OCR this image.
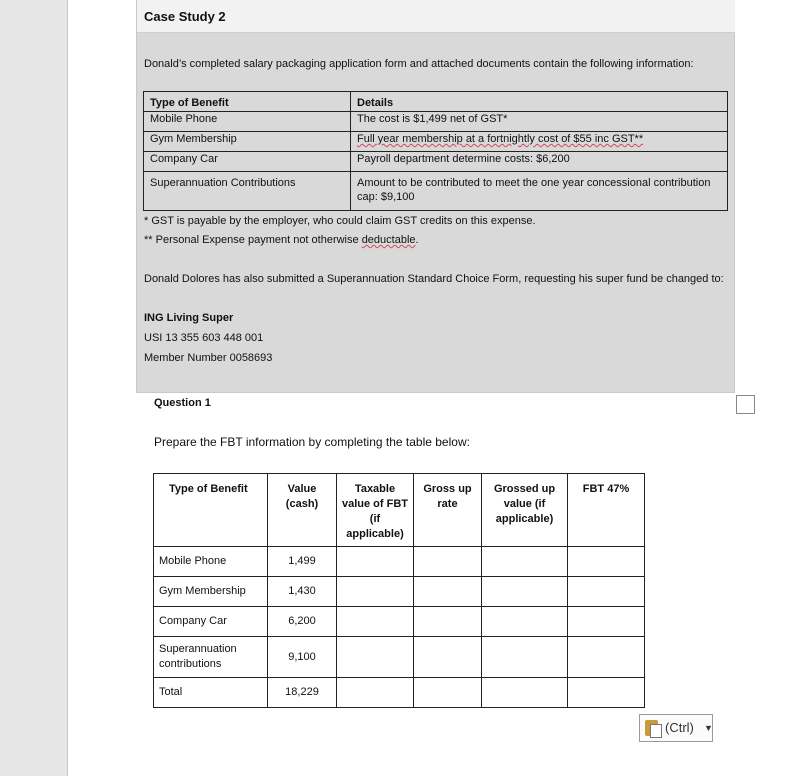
Case Study 2
Donald’s completed salary packaging application form and attached documents contain the following information:
Type of Benefit	Details
Mobile Phone	The cost is $1,499 net of GST*
Gym Membership	Full year membership at a fortnightly cost of $55 inc GST**
Company Car	Payroll department determine costs: $6,200
Superannuation Contributions	Amount to be contributed to meet the one year concessional contribution cap: $9,100
* GST is payable by the employer, who could claim GST credits on this expense.
** Personal Expense payment not otherwise deductable.
Donald Dolores has also submitted a Superannuation Standard Choice Form, requesting his super fund be changed to:
ING Living Super
USI 13 355 603 448 001
Member Number 0058693
Question 1
Prepare the FBT information by completing the table below:
Type of Benefit	Value (cash)	Taxable value of FBT (if applicable)	Gross up rate	Grossed up value (if applicable)	FBT 47%
Mobile Phone	1,499				
Gym Membership	1,430				
Company Car	6,200				
Superannuation contributions	9,100				
Total	18,229				
(Ctrl) ▼
